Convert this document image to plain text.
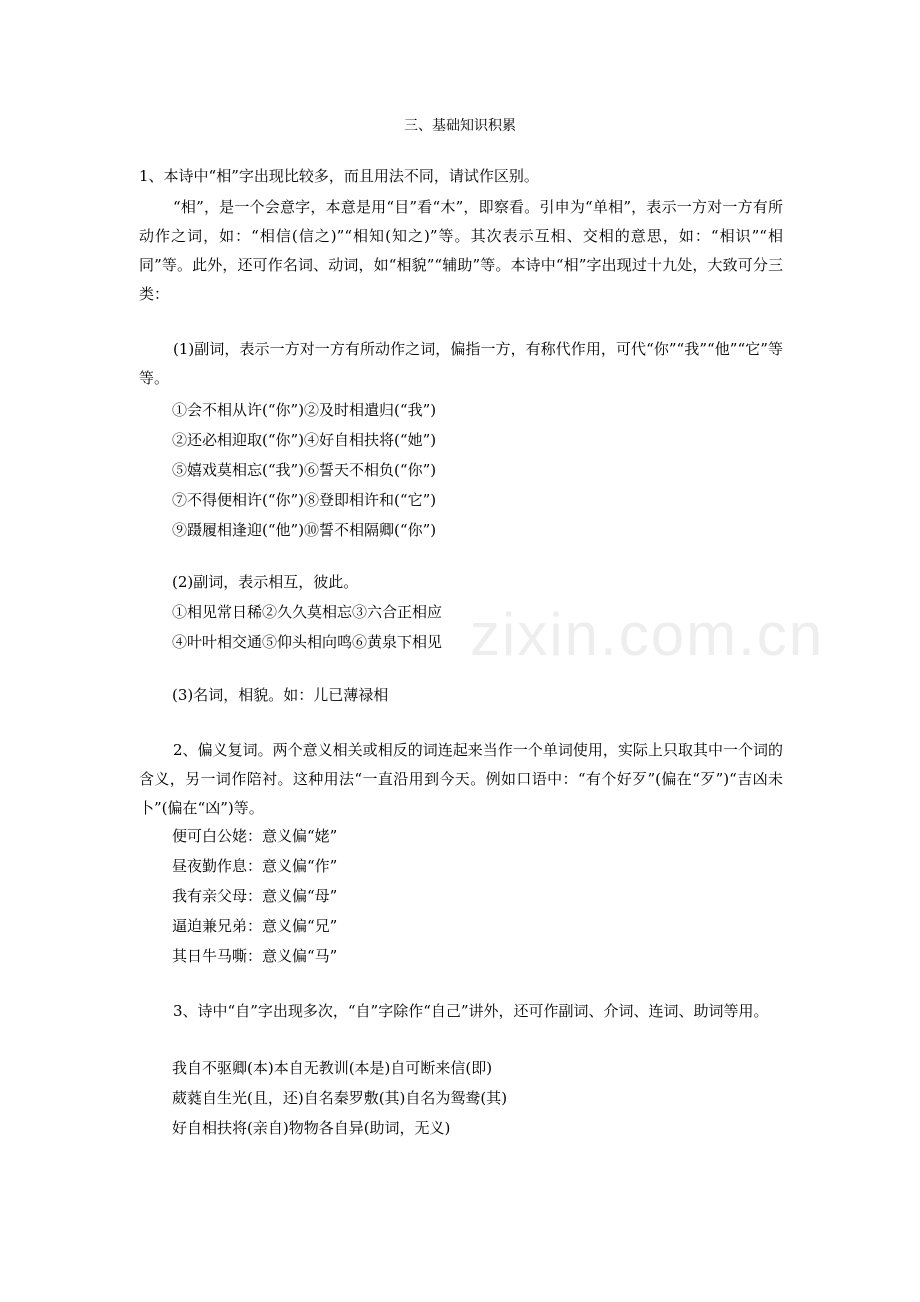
zixin.com.cn
三、基础知识积累
1、本诗中“相”字出现比较多，而且用法不同，请试作区别。
“相”，是一个会意字，本意是用“目”看“木”，即察看。引申为“单相”，表示一方对一方有所动作之词，如：“相信(信之)”“相知(知之)”等。其次表示互相、交相的意思，如：“相识”“相同”等。此外，还可作名词、动词，如“相貌”“辅助”等。本诗中“相”字出现过十九处，大致可分三类：
(1)副词，表示一方对一方有所动作之词，偏指一方，有称代作用，可代“你”“我”“他”“它”等等。
①会不相从许(“你”)②及时相遣归(“我”)
②还必相迎取(“你”)④好自相扶将(“她”)
⑤嬉戏莫相忘(“我”)⑥誓天不相负(“你”)
⑦不得便相许(“你”)⑧登即相许和(“它”)
⑨蹑履相逢迎(“他”)⑩誓不相隔卿(“你”)
(2)副词，表示相互，彼此。
①相见常日稀②久久莫相忘③六合正相应
④叶叶相交通⑤仰头相向鸣⑥黄泉下相见
(3)名词，相貌。如：儿已薄禄相
2、偏义复词。两个意义相关或相反的词连起来当作一个单词使用，实际上只取其中一个词的含义，另一词作陪衬。这种用法“一直沿用到今天。例如口语中：“有个好歹”(偏在“歹”)“吉凶未卜”(偏在“凶”)等。
便可白公姥：意义偏“姥”
昼夜勤作息：意义偏“作”
我有亲父母：意义偏“母”
逼迫兼兄弟：意义偏“兄”
其日牛马嘶：意义偏“马”
3、诗中“自”字出现多次，“自”字除作“自己”讲外，还可作副词、介词、连词、助词等用。
我自不驱卿(本)本自无教训(本是)自可断来信(即)
葳蕤自生光(且，还)自名秦罗敷(其)自名为鸳鸯(其)
好自相扶将(亲自)物物各自异(助词，无义)
